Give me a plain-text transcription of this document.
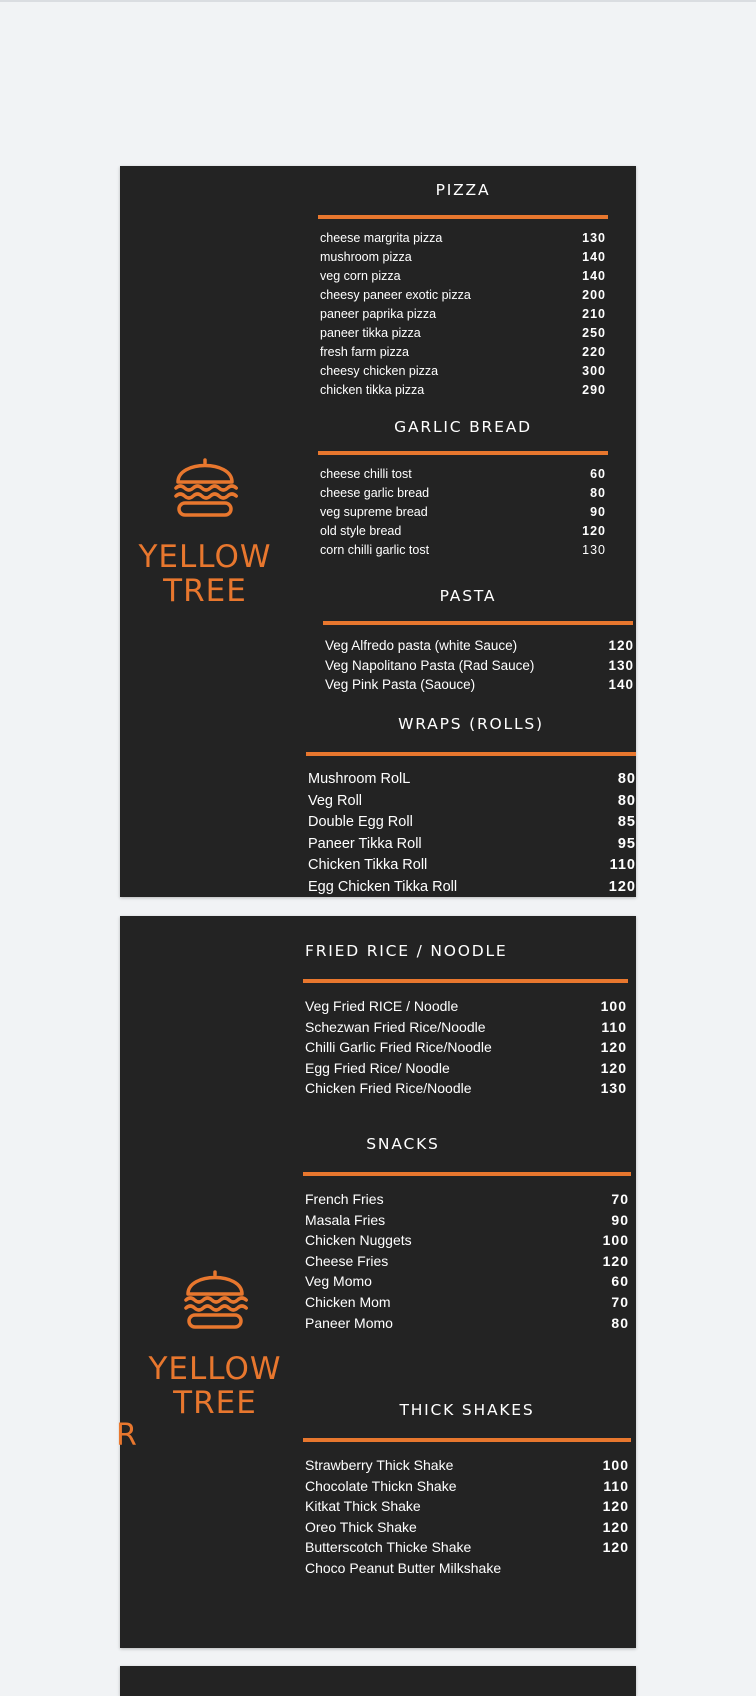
YELLOW
TREE
PIZZA
cheese margrita pizza	130
mushroom pizza	140
veg corn pizza	140
cheesy paneer exotic pizza	200
paneer paprika pizza	210
paneer tikka pizza	250
fresh farm pizza	220
cheesy chicken pizza	300
chicken tikka pizza	290
GARLIC BREAD
cheese chilli tost	60
cheese garlic bread	80
veg supreme bread	90
old style bread	120
corn chilli garlic tost	130
PASTA
Veg Alfredo pasta (white Sauce)	120
Veg Napolitano Pasta (Rad Sauce)	130
Veg Pink Pasta (Saouce)	140
WRAPS (ROLLS)
Mushroom RolL	80
Veg Roll	80
Double Egg Roll	85
Paneer Tikka Roll	95
Chicken Tikka Roll	110
Egg Chicken Tikka Roll	120
YELLOW
TREE
R
FRIED RICE / NOODLE
Veg Fried RICE / Noodle	100
Schezwan Fried Rice/Noodle	110
Chilli Garlic Fried Rice/Noodle	120
Egg Fried Rice/ Noodle	120
Chicken Fried Rice/Noodle	130
SNACKS
French Fries	70
Masala Fries	90
Chicken Nuggets	100
Cheese Fries	120
Veg Momo	60
Chicken Mom	70
Paneer Momo	80
THICK SHAKES
Strawberry Thick Shake	100
Chocolate Thickn Shake	110
Kitkat Thick Shake	120
Oreo Thick Shake	120
Butterscotch Thicke Shake	120
Choco Peanut Butter Milkshake
